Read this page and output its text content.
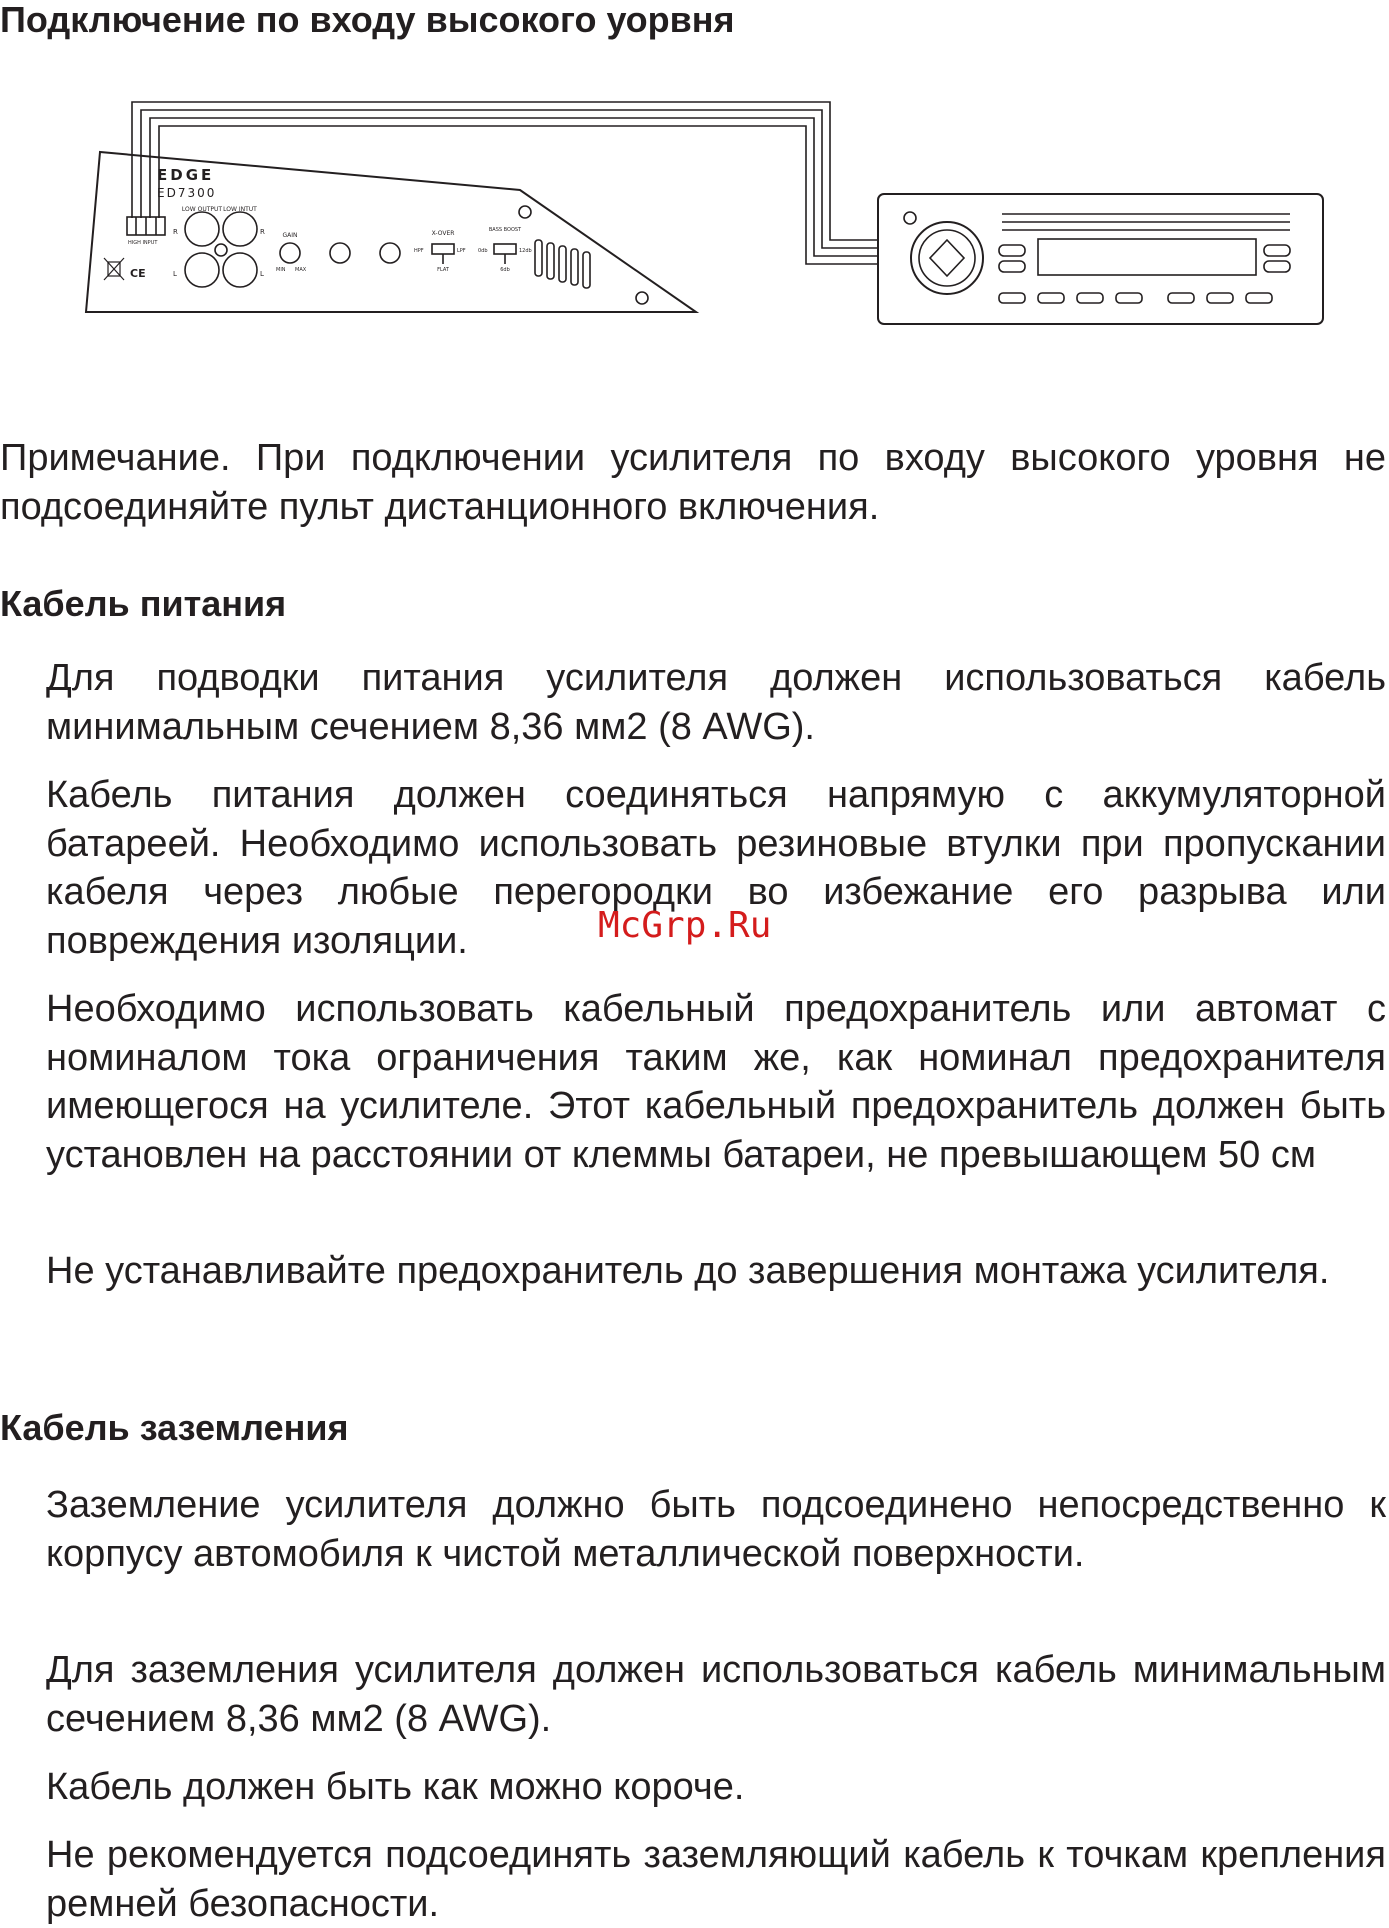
Подключение по входу высокого уорвня
EDGE
ED7300
HIGH INPUT
LOW OUTPUT LOW INTUT
R
L
R
L
GAIN
MIN MAX
X-OVER
HPF	LPF
FLAT
BASS BOOST
0db	12db
6db
CE

Примечание. При подключении усилителя по входу высокого уровня не подсоединяйте пульт дистанционного включения.

Кабель питания

Для подводки питания усилителя должен использоваться кабель минимальным сечением 8,36 мм2 (8 AWG).

Кабель питания должен соединяться напрямую с аккумуляторной батареей. Необходимо использовать резиновые втулки при пропускании кабеля через любые перегородки во избежание его разрыва или повреждения изоляции.

Необходимо использовать кабельный предохранитель или автомат с номиналом тока ограничения таким же, как номинал предохранителя имеющегося на усилителе. Этот кабельный предохранитель должен быть установлен на расстоянии от клеммы батареи, не превышающем 50 см

Не устанавливайте предохранитель до завершения монтажа усилителя.

McGrp.Ru
Кабель заземления

Заземление усилителя должно быть подсоединено непосредственно к корпусу автомобиля к чистой металлической поверхности.

Для заземления усилителя должен использоваться кабель минимальным сечением 8,36 мм2 (8 AWG).

Кабель должен быть как можно короче.

Не рекомендуется подсоединять заземляющий кабель к точкам крепления ремней безопасности.
